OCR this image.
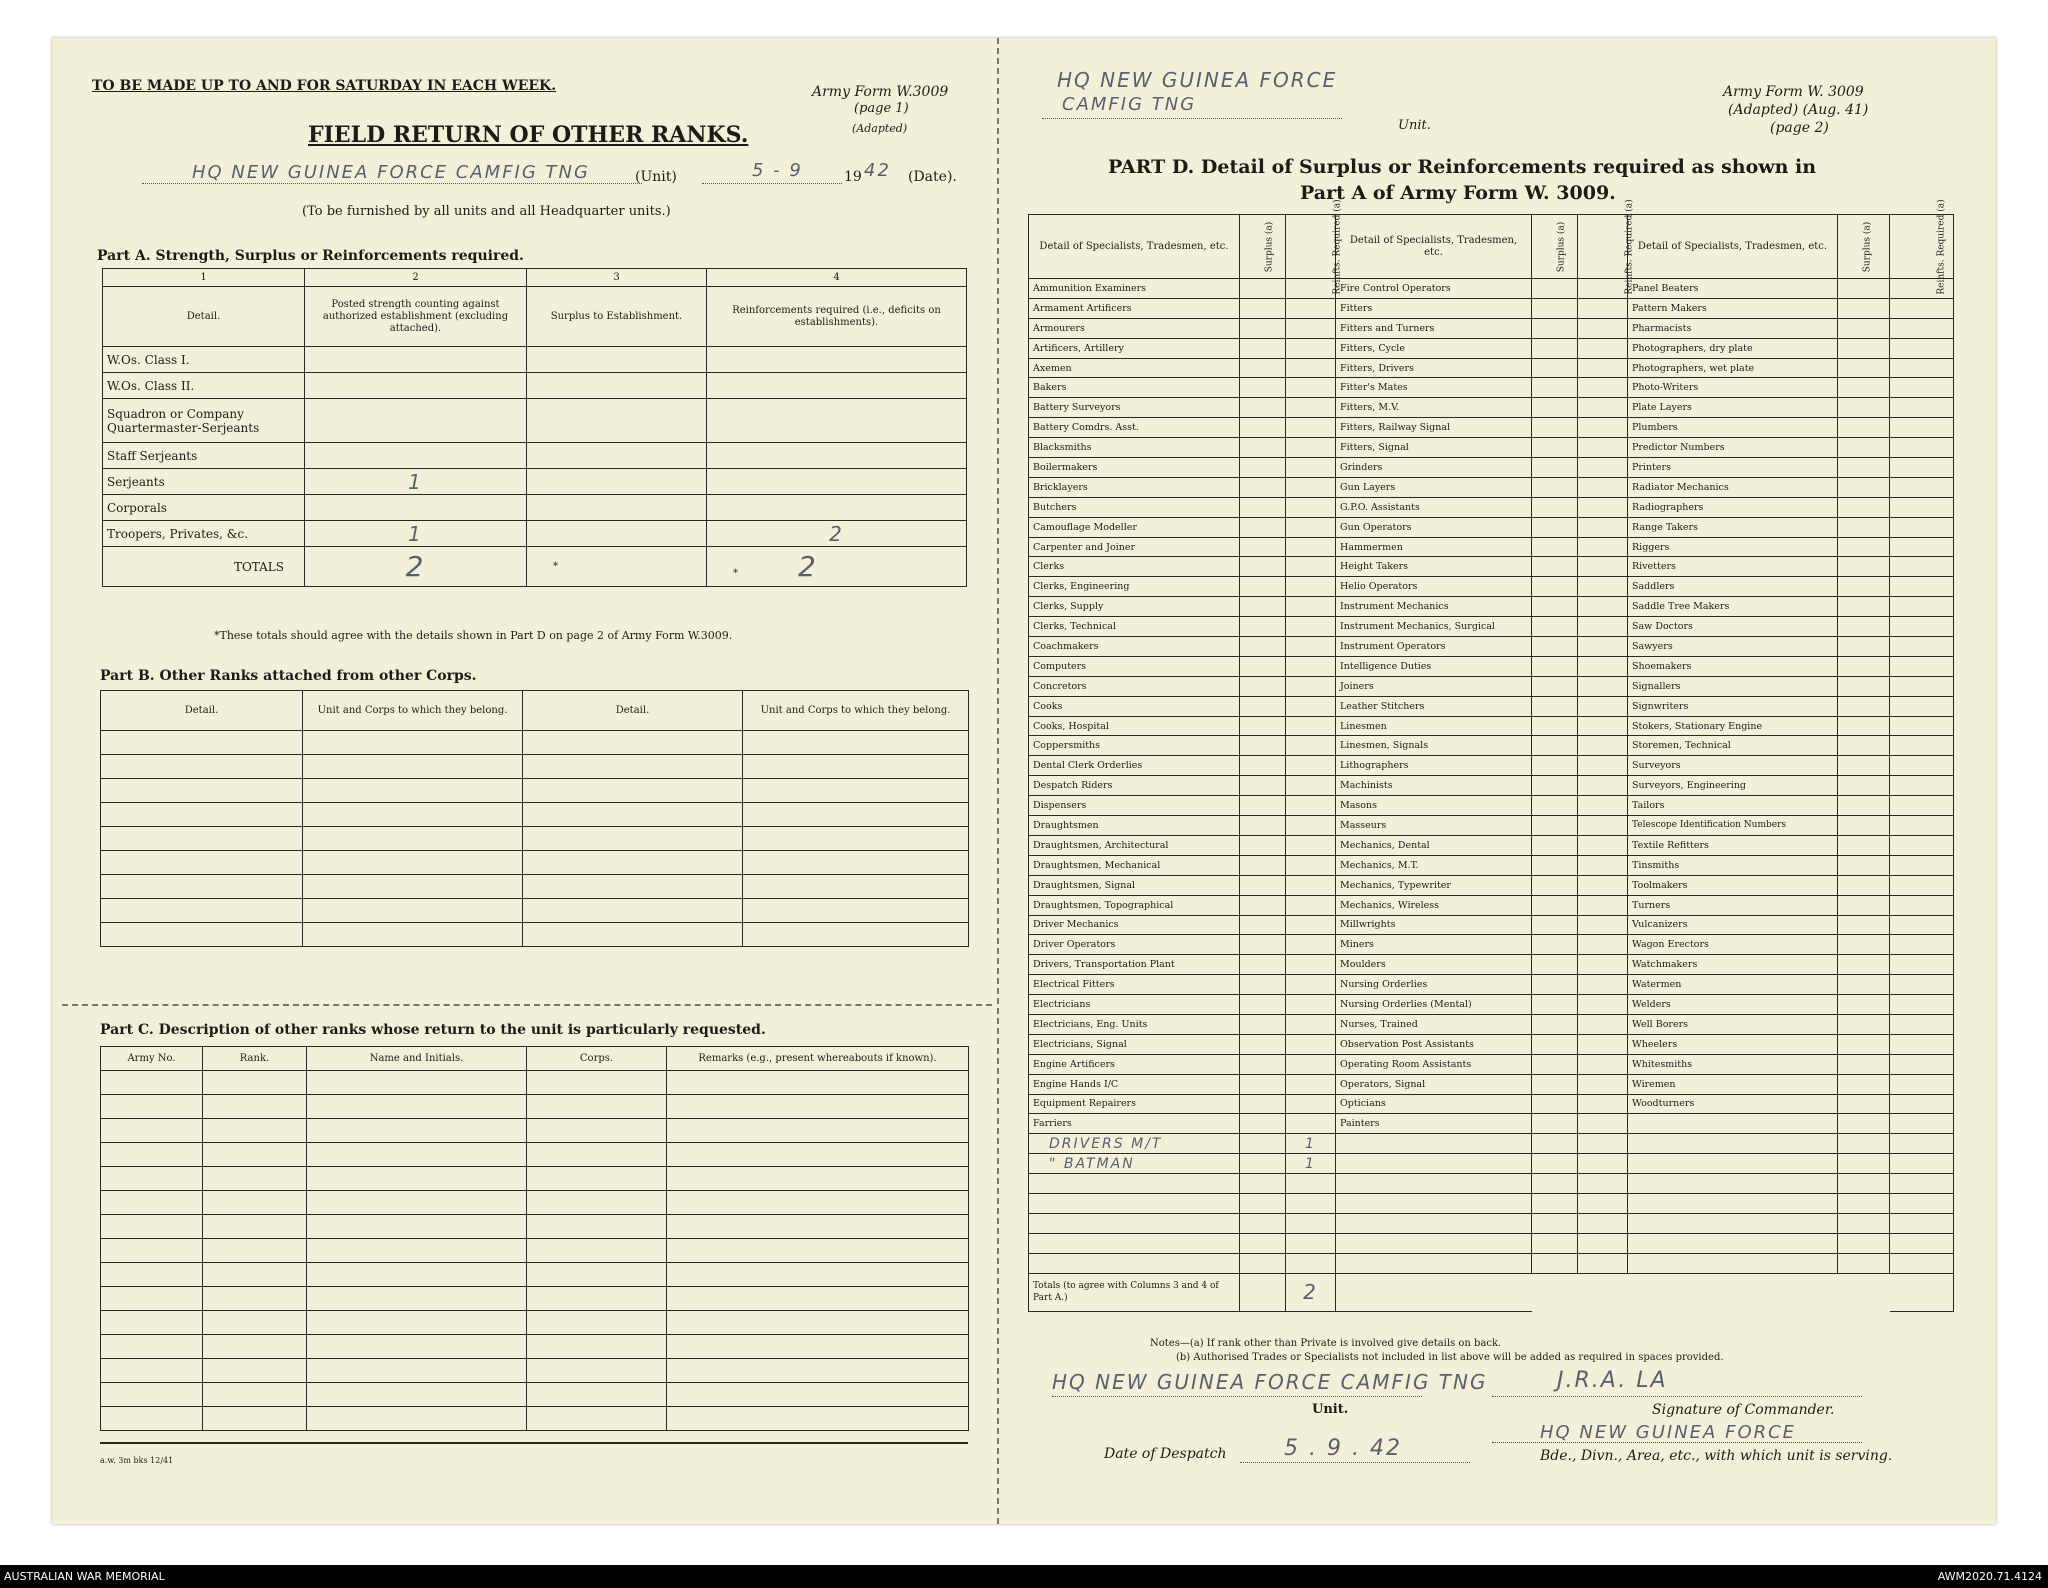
TO BE MADE UP TO AND FOR SATURDAY IN EACH WEEK.	Army Form W.3009
(page 1)
(Adapted)
FIELD RETURN OF OTHER RANKS.
HQ NEW GUINEA FORCE CAMFIG TNG	(Unit)	5 - 9	19 42 (Date).
(To be furnished by all units and all Headquarter units.)
Part A. Strength, Surplus or Reinforcements required.
1	2	3	4
Detail.	Posted strength counting against authorized establishment (excluding attached).	Surplus to Establishment.	Reinforcements required (i.e., deficits on establishments).
W.Os. Class I.			
W.Os. Class II.			
Squadron or Company Quartermaster-Serjeants			
Staff Serjeants			
Serjeants	1		
Corporals			
Troopers, Privates, &c.	1		2
TOTALS	2	*	* 2
*These totals should agree with the details shown in Part D on page 2 of Army Form W.3009.
Part B. Other Ranks attached from other Corps.
Detail.	Unit and Corps to which they belong.	Detail.	Unit and Corps to which they belong.

Part C. Description of other ranks whose return to the unit is particularly requested.
Army No.	Rank.	Name and Initials.	Corps.	Remarks (e.g., present whereabouts if known).

a.w. 3m bks 12/41
HQ NEW GUINEA FORCE
CAMFIG TNG
Unit.
Army Form W. 3009
(Adapted) (Aug. 41)
(page 2)
PART D. Detail of Surplus or Reinforcements required as shown in
Part A of Army Form W. 3009.
Detail of Specialists, Tradesmen, etc.	Surplus (a)	Reinfts. Required (a)	Detail of Specialists, Tradesmen, etc.	Surplus (a)	Reinfts. Required (a)	Detail of Specialists, Tradesmen, etc.	Surplus (a)	Reinfts. Required (a)
Ammunition Examiners			Fire Control Operators			Panel Beaters		
Armament Artificers			Fitters			Pattern Makers		
Armourers			Fitters and Turners			Pharmacists		
Artificers, Artillery			Fitters, Cycle			Photographers, dry plate		
Axemen			Fitters, Drivers			Photographers, wet plate		
Bakers			Fitter's Mates			Photo-Writers		
Battery Surveyors			Fitters, M.V.			Plate Layers		
Battery Comdrs. Asst.			Fitters, Railway Signal			Plumbers		
Blacksmiths			Fitters, Signal			Predictor Numbers		
Boilermakers			Grinders			Printers		
Bricklayers			Gun Layers			Radiator Mechanics		
Butchers			G.P.O. Assistants			Radiographers		
Camouflage Modeller			Gun Operators			Range Takers		
Carpenter and Joiner			Hammermen			Riggers		
Clerks			Height Takers			Rivetters		
Clerks, Engineering			Helio Operators			Saddlers		
Clerks, Supply			Instrument Mechanics			Saddle Tree Makers		
Clerks, Technical			Instrument Mechanics, Surgical			Saw Doctors		
Coachmakers			Instrument Operators			Sawyers		
Computers			Intelligence Duties			Shoemakers		
Concretors			Joiners			Signallers		
Cooks			Leather Stitchers			Signwriters		
Cooks, Hospital			Linesmen			Stokers, Stationary Engine		
Coppersmiths			Linesmen, Signals			Storemen, Technical		
Dental Clerk Orderlies			Lithographers			Surveyors		
Despatch Riders			Machinists			Surveyors, Engineering		
Dispensers			Masons			Tailors		
Draughtsmen			Masseurs			Telescope Identification Numbers		
Draughtsmen, Architectural			Mechanics, Dental			Textile Refitters		
Draughtsmen, Mechanical			Mechanics, M.T.			Tinsmiths		
Draughtsmen, Signal			Mechanics, Typewriter			Toolmakers		
Draughtsmen, Topographical			Mechanics, Wireless			Turners		
Driver Mechanics			Millwrights			Vulcanizers		
Driver Operators			Miners			Wagon Erectors		
Drivers, Transportation Plant			Moulders			Watchmakers		
Electrical Fitters			Nursing Orderlies			Watermen		
Electricians			Nursing Orderlies (Mental)			Welders		
Electricians, Eng. Units			Nurses, Trained			Well Borers		
Electricians, Signal			Observation Post Assistants			Wheelers		
Engine Artificers			Operating Room Assistants			Whitesmiths		
Engine Hands I/C			Operators, Signal			Wiremen		
Equipment Repairers			Opticians			Woodturners		
Farriers			Painters					
DRIVERS M/T		1						
" BATMAN		1						

Totals (to agree with Columns 3 and 4 of Part A.)		2						
Notes—(a) If rank other than Private is involved give details on back.
(b) Authorised Trades or Specialists not included in list above will be added as required in spaces provided.
HQ NEW GUINEA FORCE CAMFIG TNG
Unit.
J.R.A. LA
Signature of Commander.
Date of Despatch	5 . 9 . 42
HQ NEW GUINEA FORCE
Bde., Divn., Area, etc., with which unit is serving.
AUSTRALIAN WAR MEMORIAL	AWM2020.71.4124
